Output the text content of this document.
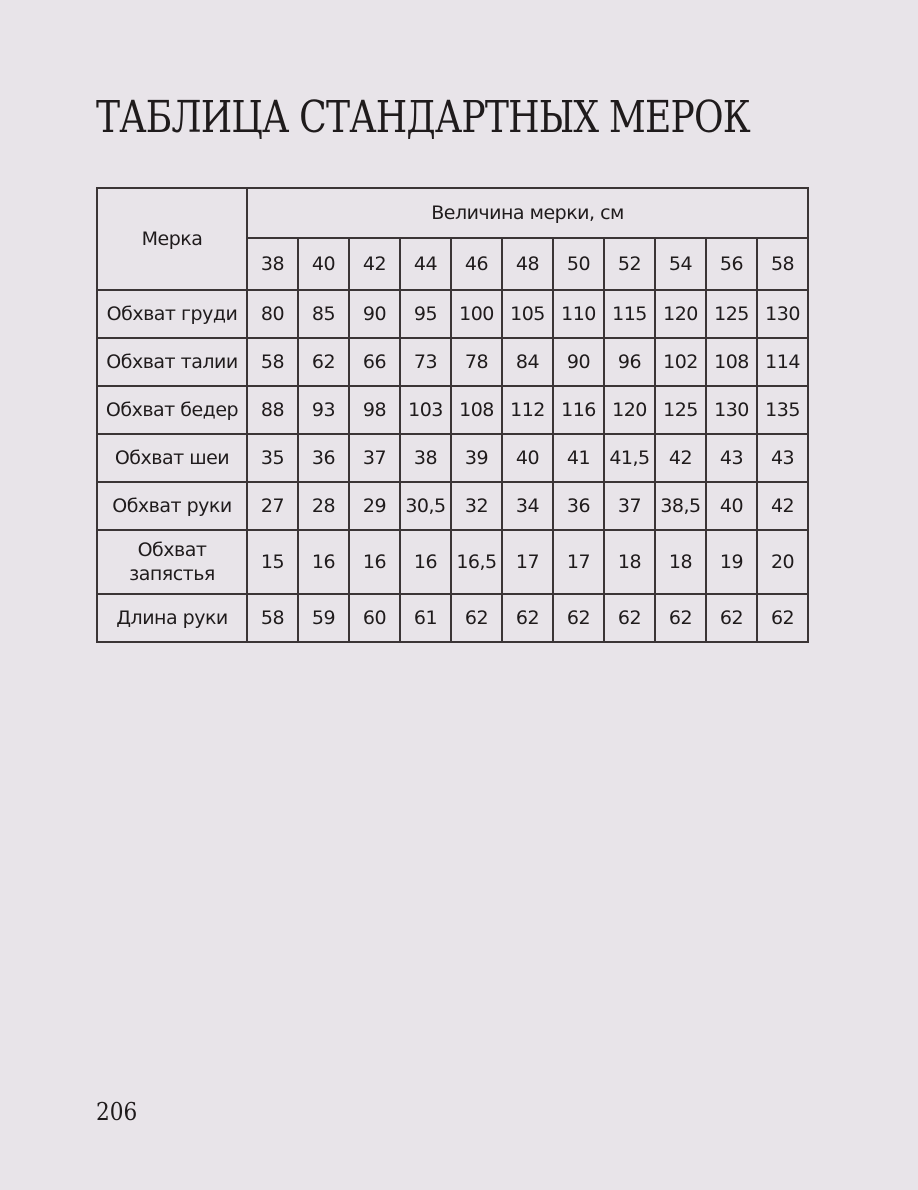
ТАБЛИЦА СТАНДАРТНЫХ МЕРОК
Мерка	Величина мерки, см										
	38	40	42	44	46	48	50	52	54	56	58
Обхват груди	80	85	90	95	100	105	110	115	120	125	130
Обхват талии	58	62	66	73	78	84	90	96	102	108	114
Обхват бедер	88	93	98	103	108	112	116	120	125	130	135
Обхват шеи	35	36	37	38	39	40	41	41,5	42	43	43
Обхват руки	27	28	29	30,5	32	34	36	37	38,5	40	42
Обхват запястья	15	16	16	16	16,5	17	17	18	18	19	20
Длина руки	58	59	60	61	62	62	62	62	62	62	62
206
